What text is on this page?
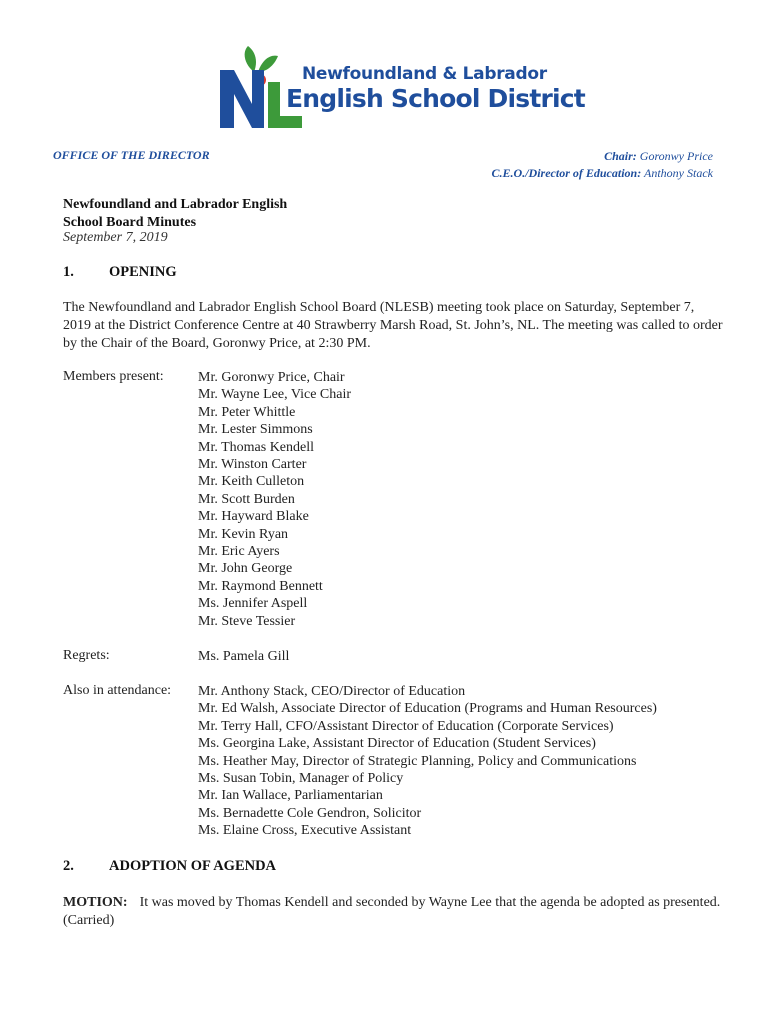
Newfoundland & Labrador
English School District
OFFICE OF THE DIRECTOR	Chair: Goronwy Price
C.E.O./Director of Education: Anthony Stack
Newfoundland and Labrador English
School Board Minutes
September 7, 2019
1. OPENING
The Newfoundland and Labrador English School Board (NLESB) meeting took place on Saturday, September 7, 2019 at the District Conference Centre at 40 Strawberry Marsh Road, St. John’s, NL. The meeting was called to order by the Chair of the Board, Goronwy Price, at 2:30 PM.
Members present: Mr. Goronwy Price, Chair
Mr. Wayne Lee, Vice Chair
Mr. Peter Whittle
Mr. Lester Simmons
Mr. Thomas Kendell
Mr. Winston Carter
Mr. Keith Culleton
Mr. Scott Burden
Mr. Hayward Blake
Mr. Kevin Ryan
Mr. Eric Ayers
Mr. John George
Mr. Raymond Bennett
Ms. Jennifer Aspell
Mr. Steve Tessier
Regrets:	Ms. Pamela Gill
Also in attendance: Mr. Anthony Stack, CEO/Director of Education
Mr. Ed Walsh, Associate Director of Education (Programs and Human Resources)
Mr. Terry Hall, CFO/Assistant Director of Education (Corporate Services)
Ms. Georgina Lake, Assistant Director of Education (Student Services)
Ms. Heather May, Director of Strategic Planning, Policy and Communications
Ms. Susan Tobin, Manager of Policy
Mr. Ian Wallace, Parliamentarian
Ms. Bernadette Cole Gendron, Solicitor
Ms. Elaine Cross, Executive Assistant
2. ADOPTION OF AGENDA
MOTION: It was moved by Thomas Kendell and seconded by Wayne Lee that the agenda be adopted as presented. (Carried)
